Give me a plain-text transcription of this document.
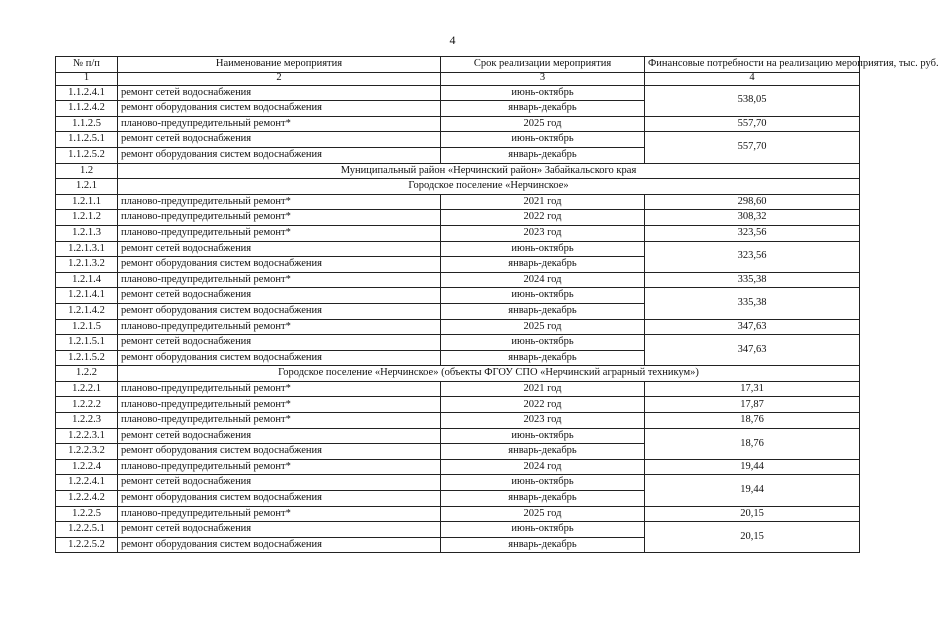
4
№ п/п	Наименование мероприятия	Срок реализации мероприятия	Финансовые потребности на реализацию мероприятия, тыс. руб.
1	2	3	4
1.1.2.4.1	ремонт сетей водоснабжения	июнь-октябрь	538,05
1.1.2.4.2	ремонт оборудования систем водоснабжения	январь-декабрь	
1.1.2.5	планово-предупредительный ремонт*	2025 год	557,70
1.1.2.5.1	ремонт сетей водоснабжения	июнь-октябрь	557,70
1.1.2.5.2	ремонт оборудования систем водоснабжения	январь-декабрь	
1.2	Муниципальный район «Нерчинский район» Забайкальского края		
1.2.1	Городское поселение «Нерчинское»		
1.2.1.1	планово-предупредительный ремонт*	2021 год	298,60
1.2.1.2	планово-предупредительный ремонт*	2022 год	308,32
1.2.1.3	планово-предупредительный ремонт*	2023 год	323,56
1.2.1.3.1	ремонт сетей водоснабжения	июнь-октябрь	323,56
1.2.1.3.2	ремонт оборудования систем водоснабжения	январь-декабрь	
1.2.1.4	планово-предупредительный ремонт*	2024 год	335,38
1.2.1.4.1	ремонт сетей водоснабжения	июнь-октябрь	335,38
1.2.1.4.2	ремонт оборудования систем водоснабжения	январь-декабрь	
1.2.1.5	планово-предупредительный ремонт*	2025 год	347,63
1.2.1.5.1	ремонт сетей водоснабжения	июнь-октябрь	347,63
1.2.1.5.2	ремонт оборудования систем водоснабжения	январь-декабрь	
1.2.2	Городское поселение «Нерчинское» (объекты ФГОУ СПО «Нерчинский аграрный техникум»)		
1.2.2.1	планово-предупредительный ремонт*	2021 год	17,31
1.2.2.2	планово-предупредительный ремонт*	2022 год	17,87
1.2.2.3	планово-предупредительный ремонт*	2023 год	18,76
1.2.2.3.1	ремонт сетей водоснабжения	июнь-октябрь	18,76
1.2.2.3.2	ремонт оборудования систем водоснабжения	январь-декабрь	
1.2.2.4	планово-предупредительный ремонт*	2024 год	19,44
1.2.2.4.1	ремонт сетей водоснабжения	июнь-октябрь	19,44
1.2.2.4.2	ремонт оборудования систем водоснабжения	январь-декабрь	
1.2.2.5	планово-предупредительный ремонт*	2025 год	20,15
1.2.2.5.1	ремонт сетей водоснабжения	июнь-октябрь	20,15
1.2.2.5.2	ремонт оборудования систем водоснабжения	январь-декабрь	
